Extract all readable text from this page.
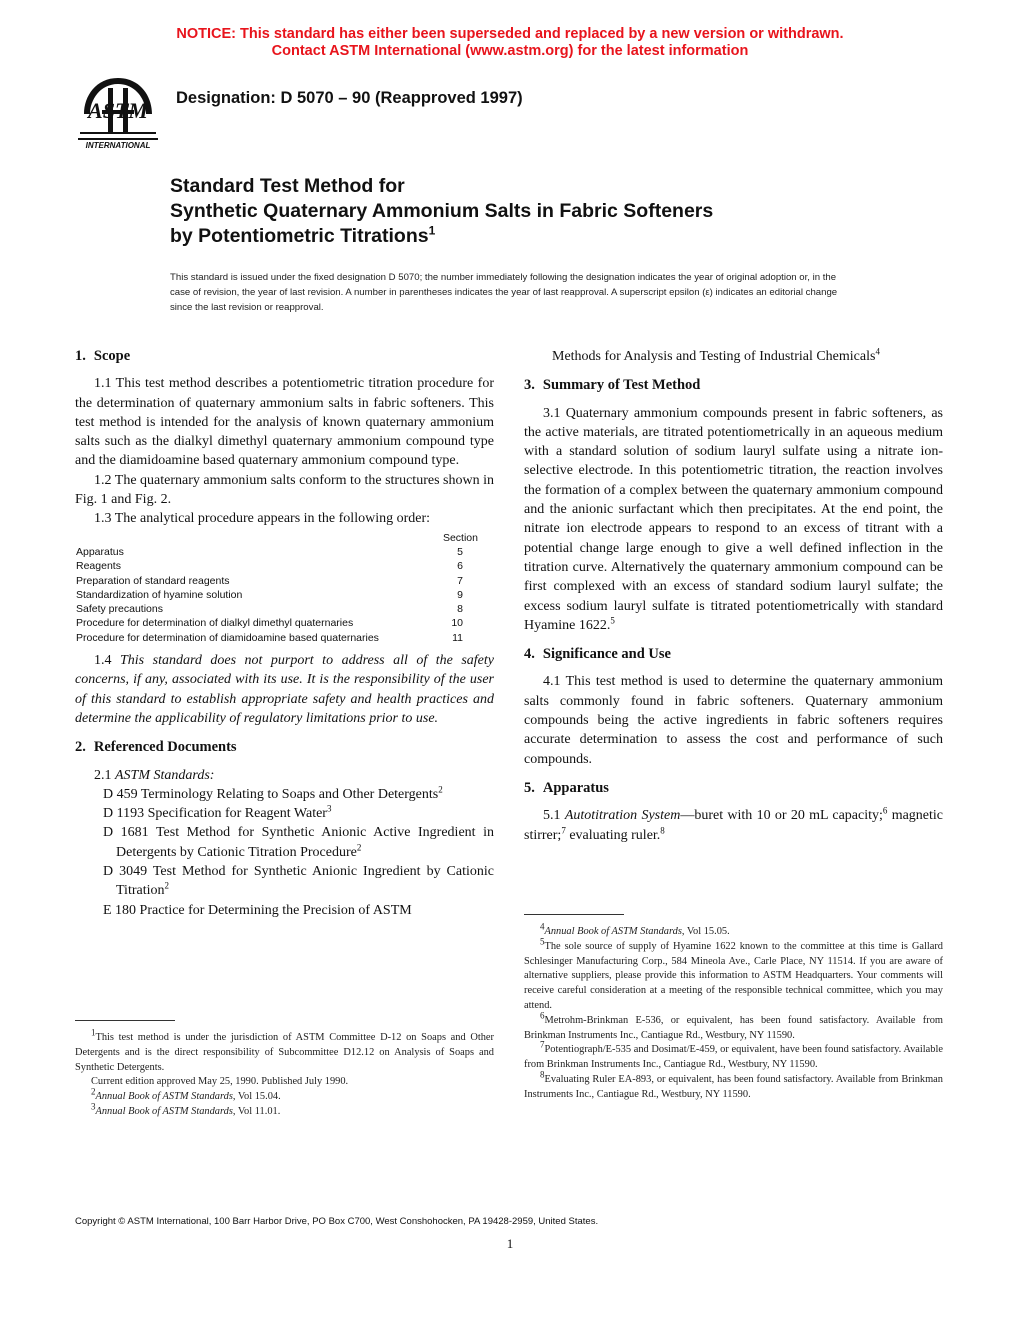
NOTICE: This standard has either been superseded and replaced by a new version or withdrawn.
Contact ASTM International (www.astm.org) for the latest information
ASTM
INTERNATIONAL
Designation: D 5070 – 90 (Reapproved 1997)
Standard Test Method for
Synthetic Quaternary Ammonium Salts in Fabric Softeners
by Potentiometric Titrations$^1$
This standard is issued under the fixed designation D 5070; the number immediately following the designation indicates the year of original adoption or, in the case of revision, the year of last revision. A number in parentheses indicates the year of last reapproval. A superscript epsilon (ε) indicates an editorial change since the last revision or reapproval.
1. Scope

1.1 This test method describes a potentiometric titration procedure for the determination of quaternary ammonium salts in fabric softeners. This test method is intended for the analysis of known quaternary ammonium salts such as the dialkyl dimethyl quaternary ammonium compound type and the diamidoamine based quaternary ammonium compound type.

1.2 The quaternary ammonium salts conform to the structures shown in Fig. 1 and Fig. 2.

1.3 The analytical procedure appears in the following order:

Section
Apparatus	5
Reagents	6
Preparation of standard reagents	7
Standardization of hyamine solution	9
Safety precautions	8
Procedure for determination of dialkyl dimethyl quaternaries	10
Procedure for determination of diamidoamine based quaternaries	11

1.4 This standard does not purport to address all of the safety concerns, if any, associated with its use. It is the responsibility of the user of this standard to establish appropriate safety and health practices and determine the applicability of regulatory limitations prior to use.

2. Referenced Documents

2.1 ASTM Standards:

D 459 Terminology Relating to Soaps and Other Detergents$^2$

D 1193 Specification for Reagent Water$^3$

D 1681 Test Method for Synthetic Anionic Active Ingredient in Detergents by Cationic Titration Procedure$^2$

D 3049 Test Method for Synthetic Anionic Ingredient by Cationic Titration$^2$

E 180 Practice for Determining the Precision of ASTM

$^1$This test method is under the jurisdiction of ASTM Committee D-12 on Soaps and Other Detergents and is the direct responsibility of Subcommittee D12.12 on Analysis of Soaps and Synthetic Detergents.

Current edition approved May 25, 1990. Published July 1990.

$^2$Annual Book of ASTM Standards, Vol 15.04.

$^3$Annual Book of ASTM Standards, Vol 11.01.

Methods for Analysis and Testing of Industrial Chemicals$^4$

3. Summary of Test Method

3.1 Quaternary ammonium compounds present in fabric softeners, as the active materials, are titrated potentiometrically in an aqueous medium with a standard solution of sodium lauryl sulfate using a nitrate ion-selective electrode. In this potentiometric titration, the reaction involves the formation of a complex between the quaternary ammonium compound and the anionic surfactant which then precipitates. At the end point, the nitrate ion electrode appears to respond to an excess of titrant with a potential change large enough to give a well defined inflection in the titration curve. Alternatively the quaternary ammonium compound can be first complexed with an excess of standard sodium lauryl sulfate; the excess sodium lauryl sulfate is titrated potentiometrically with standard Hyamine 1622.$^5$

4. Significance and Use

4.1 This test method is used to determine the quaternary ammonium salts commonly found in fabric softeners. Quaternary ammonium compounds being the active ingredients in fabric softeners requires accurate determination to assess the cost and performance of such compounds.

5. Apparatus

5.1 Autotitration System—buret with 10 or 20 mL capacity;$^6$ magnetic stirrer;$^7$ evaluating ruler.$^8$

$^4$Annual Book of ASTM Standards, Vol 15.05.

$^5$The sole source of supply of Hyamine 1622 known to the committee at this time is Gallard Schlesinger Manufacturing Corp., 584 Mineola Ave., Carle Place, NY 11514. If you are aware of alternative suppliers, please provide this information to ASTM Headquarters. Your comments will receive careful consideration at a meeting of the responsible technical committee, which you may attend.

$^6$Metrohm-Brinkman E-536, or equivalent, has been found satisfactory. Available from Brinkman Instruments Inc., Cantiague Rd., Westbury, NY 11590.

$^7$Potentiograph/E-535 and Dosimat/E-459, or equivalent, have been found satisfactory. Available from Brinkman Instruments Inc., Cantiague Rd., Westbury, NY 11590.

$^8$Evaluating Ruler EA-893, or equivalent, has been found satisfactory. Available from Brinkman Instruments Inc., Cantiague Rd., Westbury, NY 11590.

Copyright © ASTM International, 100 Barr Harbor Drive, PO Box C700, West Conshohocken, PA 19428-2959, United States.
1
